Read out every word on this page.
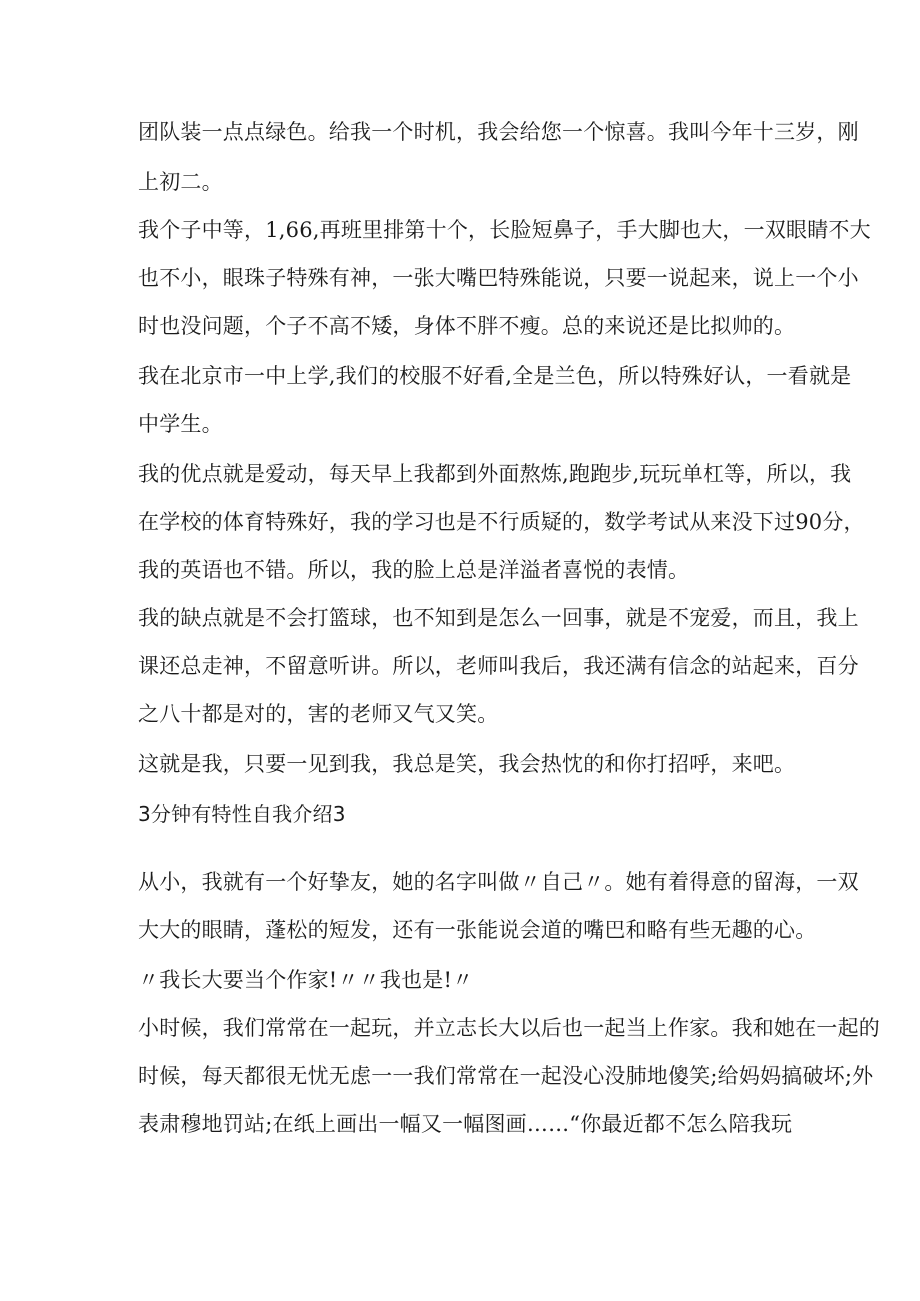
团队装一点点绿色。给我一个时机，我会给您一个惊喜。我叫今年十三岁，刚
上初二。
我个子中等，1,66,再班里排第十个，长脸短鼻子，手大脚也大，一双眼睛不大
也不小，眼珠子特殊有神，一张大嘴巴特殊能说，只要一说起来，说上一个小
时也没问题，个子不高不矮，身体不胖不瘦。总的来说还是比拟帅的。
我在北京市一中上学,我们的校服不好看,全是兰色，所以特殊好认，一看就是
中学生。
我的优点就是爱动，每天早上我都到外面熬炼,跑跑步,玩玩单杠等，所以，我
在学校的体育特殊好，我的学习也是不行质疑的，数学考试从来没下过90分，
我的英语也不错。所以，我的脸上总是洋溢者喜悦的表情。
我的缺点就是不会打篮球，也不知到是怎么一回事，就是不宠爱，而且，我上
课还总走神，不留意听讲。所以，老师叫我后，我还满有信念的站起来，百分
之八十都是对的，害的老师又气又笑。
这就是我，只要一见到我，我总是笑，我会热忱的和你打招呼，来吧。
3分钟有特性自我介绍3
从小，我就有一个好挚友，她的名字叫做〃自己〃。她有着得意的留海，一双
大大的眼睛，蓬松的短发，还有一张能说会道的嘴巴和略有些无趣的心。
〃我长大要当个作家!〃〃我也是!〃
小时候，我们常常在一起玩，并立志长大以后也一起当上作家。我和她在一起的
时候，每天都很无忧无虑一一我们常常在一起没心没肺地傻笑;给妈妈搞破坏;外
表肃穆地罚站;在纸上画出一幅又一幅图画……“你最近都不怎么陪我玩
